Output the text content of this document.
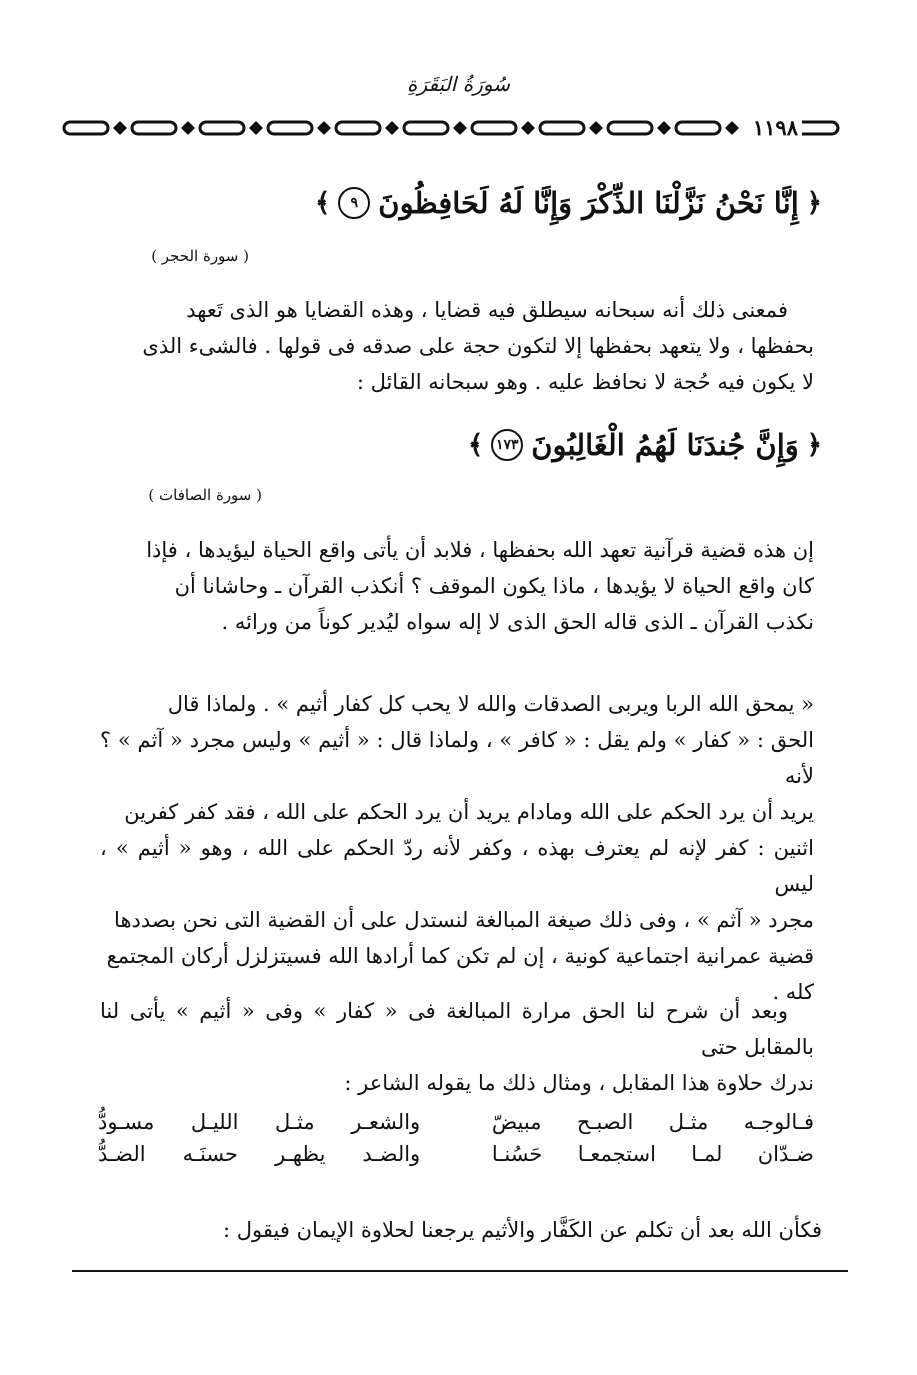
سُورَةُ البَقَرَةِ
١١٩٨
﴿
إِنَّا نَحْنُ نَزَّلْنَا الذِّكْرَ وَإِنَّا لَهُ لَحَافِظُونَ
٩
﴾
( سورة الحجر )
فمعنى ذلك أنه سبحانه سيطلق فيه قضايا ، وهذه القضايا هو الذى تَعهد
بحفظها ، ولا يتعهد بحفظها إلا لتكون حجة على صدقه فى قولها . فالشىء الذى
لا يكون فيه حُجة لا نحافظ عليه . وهو سبحانه القائل :
﴿
وَإِنَّ جُندَنَا لَهُمُ الْغَالِبُونَ
١٧٣
﴾
( سورة الصافات )
إن هذه قضية قرآنية تعهد الله بحفظها ، فلابد أن يأتى واقع الحياة ليؤيدها ، فإذا
كان واقع الحياة لا يؤيدها ، ماذا يكون الموقف ؟ أنكذب القرآن ـ وحاشانا أن
نكذب القرآن ـ الذى قاله الحق الذى لا إله سواه ليُدير كوناً من ورائه .
« يمحق الله الربا ويربى الصدقات والله لا يحب كل كفار أثيم » . ولماذا قال
الحق : « كفار » ولم يقل : « كافر » ، ولماذا قال : « أثيم » وليس مجرد « آثم » ؟ لأنه
يريد أن يرد الحكم على الله ومادام يريد أن يرد الحكم على الله ، فقد كفر كفرين
اثنين : كفر لإنه لم يعترف بهذه ، وكفر لأنه ردّ الحكم على الله ، وهو « أثيم » ، ليس
مجرد « آثم » ، وفى ذلك صيغة المبالغة لنستدل على أن القضية التى نحن بصددها
قضية عمرانية اجتماعية كونية ، إن لم تكن كما أرادها الله فسيتزلزل أركان المجتمع
كله .
وبعد أن شرح لنا الحق مرارة المبالغة فى « كفار » وفى « أثيم » يأتى لنا بالمقابل حتى
ندرك حلاوة هذا المقابل ، ومثال ذلك ما يقوله الشاعر :
فـالوجـه مثـل الصبـح مبيضّ
والشعـر مثـل الليـل مسـودُّ
ضـدّان لمـا استجمعـا حَسُنـا
والضـد يظهـر حسنَـه الضـدُّ
فكأن الله بعد أن تكلم عن الكَفَّار والأثيم يرجعنا لحلاوة الإيمان فيقول :
